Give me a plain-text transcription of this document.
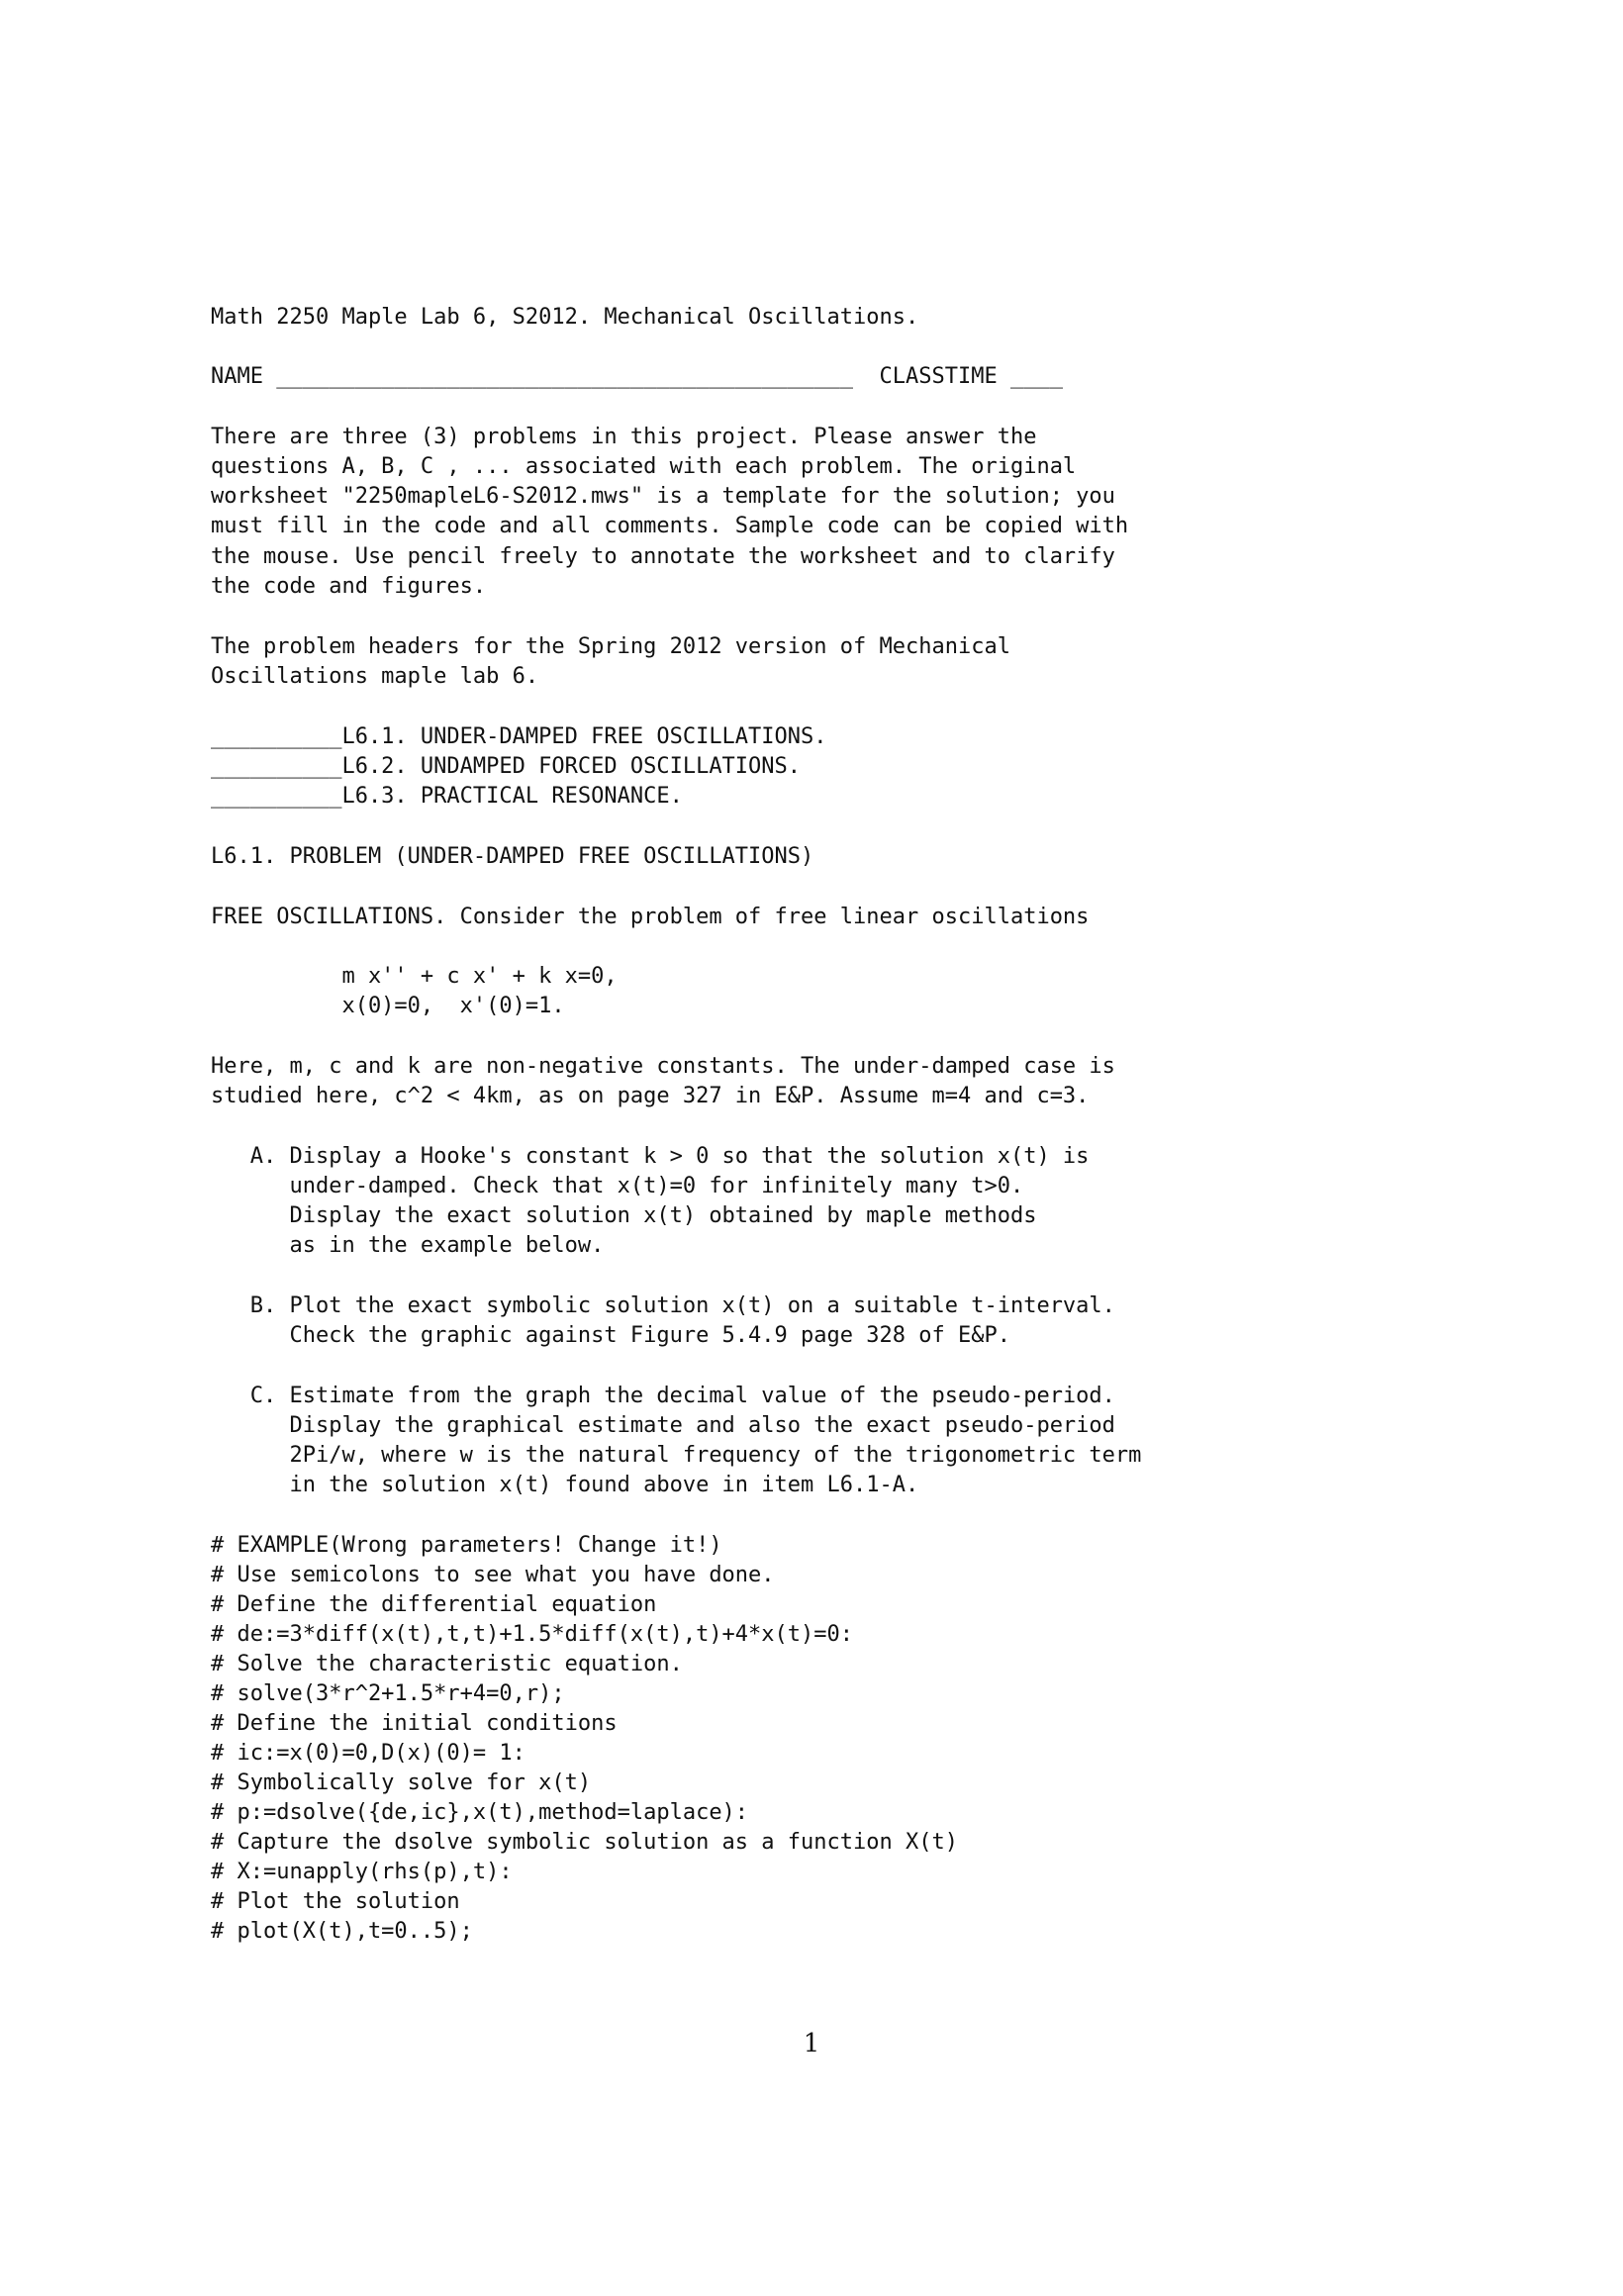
Math 2250 Maple Lab 6, S2012. Mechanical Oscillations.
NAME ____________________________________________  CLASSTIME ____
There are three (3) problems in this project. Please answer the
questions A, B, C , ... associated with each problem. The original
worksheet "2250mapleL6-S2012.mws" is a template for the solution; you
must fill in the code and all comments. Sample code can be copied with
the mouse. Use pencil freely to annotate the worksheet and to clarify
the code and figures.
The problem headers for the Spring 2012 version of Mechanical
Oscillations maple lab 6.
__________L6.1. UNDER-DAMPED FREE OSCILLATIONS.
__________L6.2. UNDAMPED FORCED OSCILLATIONS.
__________L6.3. PRACTICAL RESONANCE.
L6.1. PROBLEM (UNDER-DAMPED FREE OSCILLATIONS)
FREE OSCILLATIONS. Consider the problem of free linear oscillations
m x'' + c x' + k x=0,
x(0)=0,  x'(0)=1.
Here, m, c and k are non-negative constants. The under-damped case is
studied here, c^2 < 4km, as on page 327 in E&P. Assume m=4 and c=3.
A. Display a Hooke's constant k > 0 so that the solution x(t) is
under-damped. Check that x(t)=0 for infinitely many t>0.
Display the exact solution x(t) obtained by maple methods
as in the example below.
B. Plot the exact symbolic solution x(t) on a suitable t-interval.
Check the graphic against Figure 5.4.9 page 328 of E&P.
C. Estimate from the graph the decimal value of the pseudo-period.
Display the graphical estimate and also the exact pseudo-period
2Pi/w, where w is the natural frequency of the trigonometric term
in the solution x(t) found above in item L6.1-A.
# EXAMPLE(Wrong parameters! Change it!)
# Use semicolons to see what you have done.
# Define the differential equation
# de:=3*diff(x(t),t,t)+1.5*diff(x(t),t)+4*x(t)=0:
# Solve the characteristic equation.
# solve(3*r^2+1.5*r+4=0,r);
# Define the initial conditions
# ic:=x(0)=0,D(x)(0)= 1:
# Symbolically solve for x(t)
# p:=dsolve({de,ic},x(t),method=laplace):
# Capture the dsolve symbolic solution as a function X(t)
# X:=unapply(rhs(p),t):
# Plot the solution
# plot(X(t),t=0..5);
1
